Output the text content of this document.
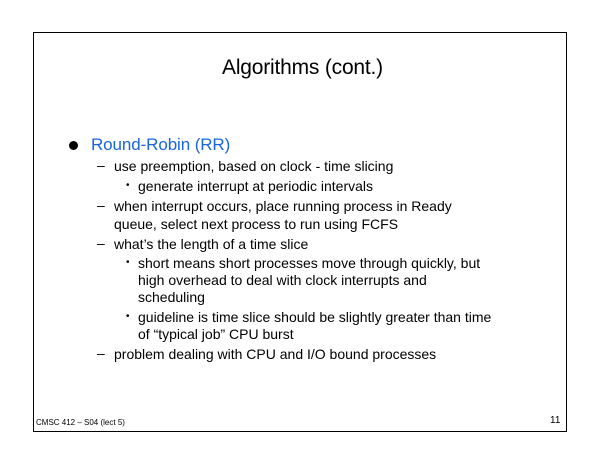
Algorithms (cont.)
Round-Robin (RR)
– use preemption, based on clock - time slicing
• generate interrupt at periodic intervals
– when interrupt occurs, place running process in Ready
queue, select next process to run using FCFS
– what’s the length of a time slice
• short means short processes move through quickly, but
high overhead to deal with clock interrupts and
scheduling
• guideline is time slice should be slightly greater than time
of “typical job” CPU burst
– problem dealing with CPU and I/O bound processes
CMSC 412 – S04 (lect 5)	11
